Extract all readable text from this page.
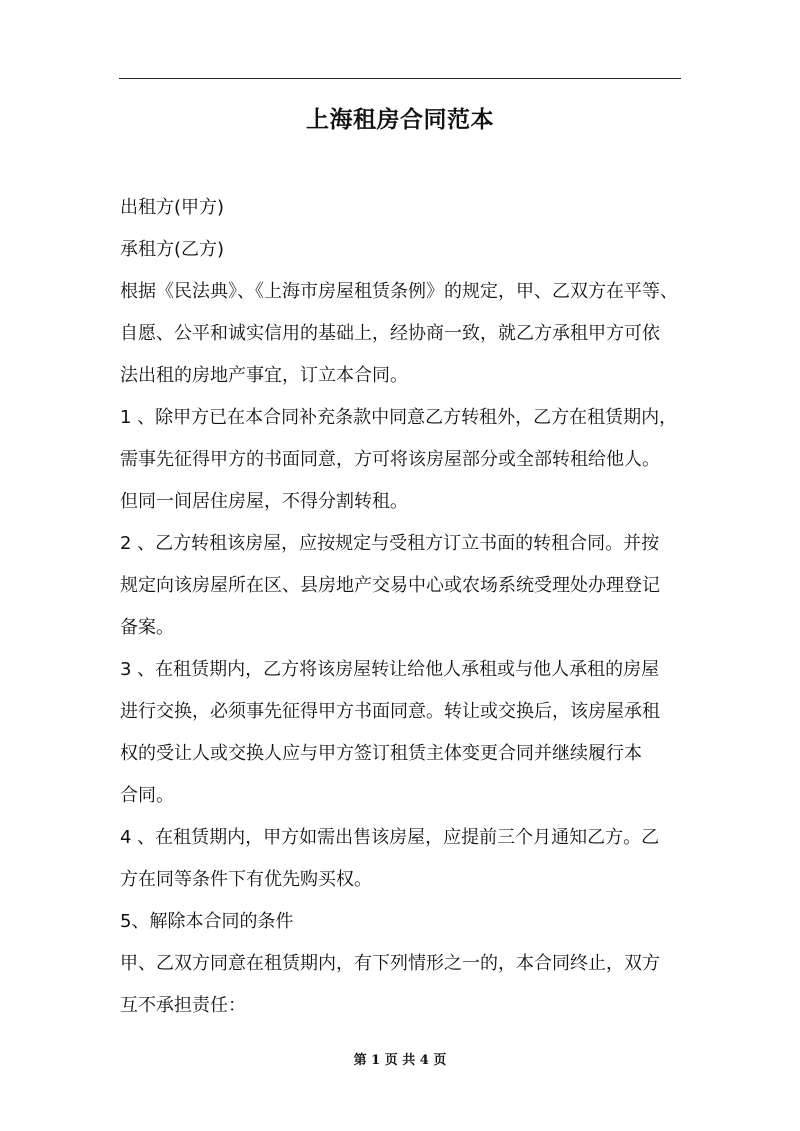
上海租房合同范本
出租方(甲方)
承租方(乙方)
根据《民法典》、《上海市房屋租赁条例》的规定，甲、乙双方在平等、
自愿、公平和诚实信用的基础上，经协商一致，就乙方承租甲方可依
法出租的房地产事宜，订立本合同。
1 、除甲方已在本合同补充条款中同意乙方转租外，乙方在租赁期内，
需事先征得甲方的书面同意，方可将该房屋部分或全部转租给他人。
但同一间居住房屋，不得分割转租。
2 、乙方转租该房屋，应按规定与受租方订立书面的转租合同。并按
规定向该房屋所在区、县房地产交易中心或农场系统受理处办理登记
备案。
3 、在租赁期内，乙方将该房屋转让给他人承租或与他人承租的房屋
进行交换，必须事先征得甲方书面同意。转让或交换后，该房屋承租
权的受让人或交换人应与甲方签订租赁主体变更合同并继续履行本
合同。
4 、在租赁期内，甲方如需出售该房屋，应提前三个月通知乙方。乙
方在同等条件下有优先购买权。
5、解除本合同的条件
甲、乙双方同意在租赁期内，有下列情形之一的，本合同终止，双方
互不承担责任：
第 1 页 共 4 页
